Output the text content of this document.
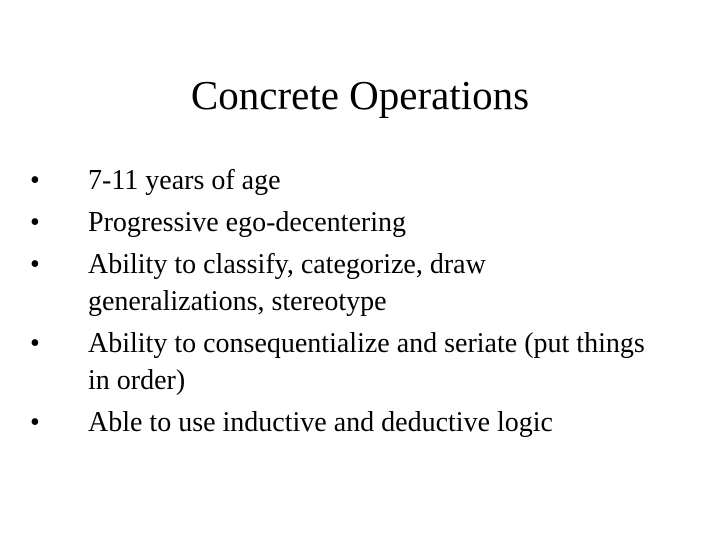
Concrete Operations
•	7-11 years of age
•	Progressive ego-decentering
•	Ability to classify, categorize, draw generalizations, stereotype
•	Ability to consequentialize and seriate (put things in order)
•	Able to use inductive and deductive logic
